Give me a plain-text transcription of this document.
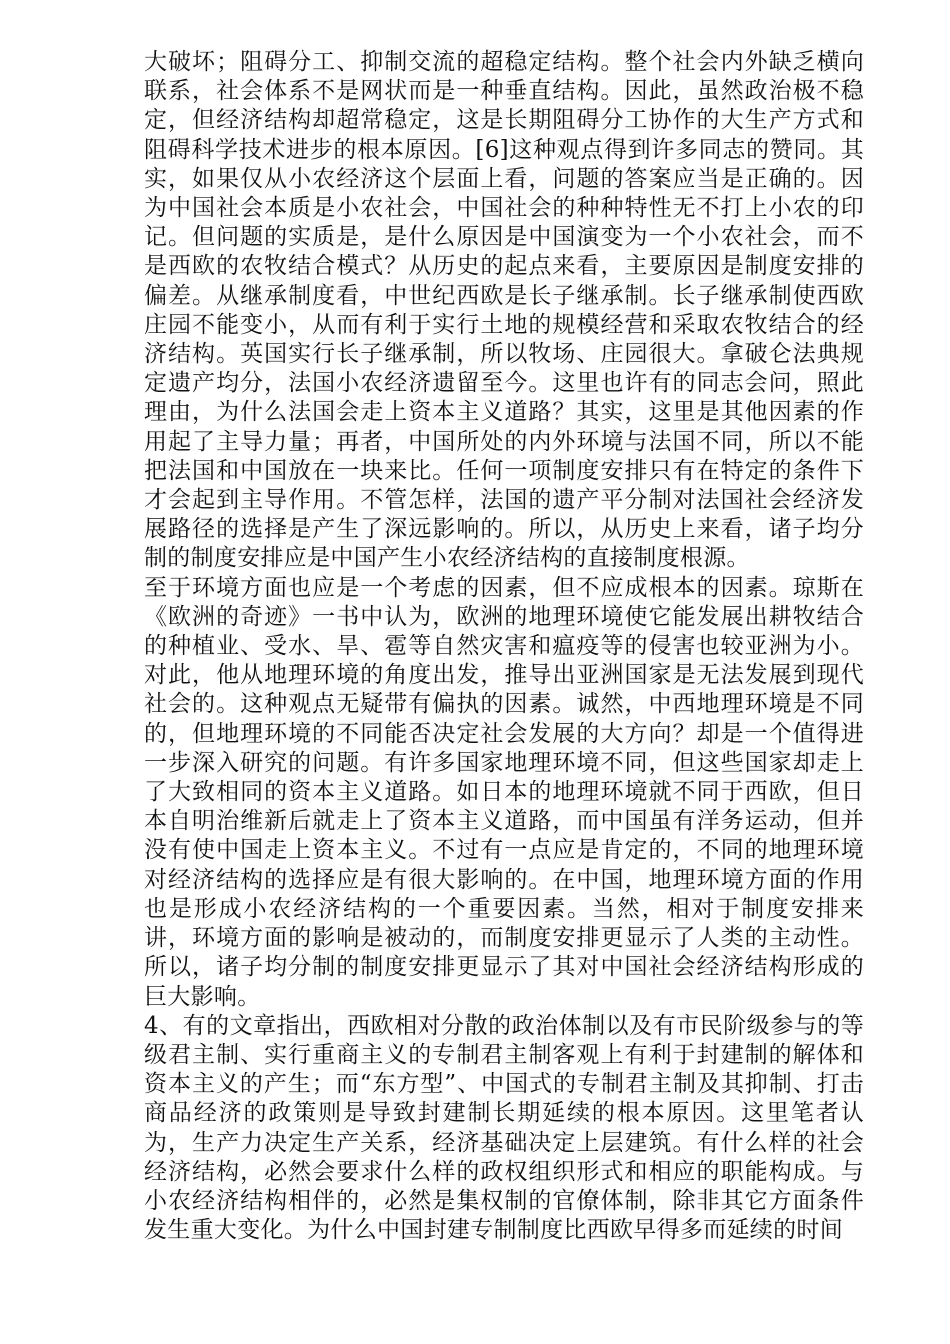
大破坏；阻碍分工、抑制交流的超稳定结构。整个社会内外缺乏横向联系，社会体系不是网状而是一种垂直结构。因此，虽然政治极不稳定，但经济结构却超常稳定，这是长期阻碍分工协作的大生产方式和阻碍科学技术进步的根本原因。[6]这种观点得到许多同志的赞同。其实，如果仅从小农经济这个层面上看，问题的答案应当是正确的。因为中国社会本质是小农社会，中国社会的种种特性无不打上小农的印记。但问题的实质是，是什么原因是中国演变为一个小农社会，而不是西欧的农牧结合模式？从历史的起点来看，主要原因是制度安排的偏差。从继承制度看，中世纪西欧是长子继承制。长子继承制使西欧庄园不能变小，从而有利于实行土地的规模经营和采取农牧结合的经济结构。英国实行长子继承制，所以牧场、庄园很大。拿破仑法典规定遗产均分，法国小农经济遗留至今。这里也许有的同志会问，照此理由，为什么法国会走上资本主义道路？其实，这里是其他因素的作用起了主导力量；再者，中国所处的内外环境与法国不同，所以不能把法国和中国放在一块来比。任何一项制度安排只有在特定的条件下才会起到主导作用。不管怎样，法国的遗产平分制对法国社会经济发展路径的选择是产生了深远影响的。所以，从历史上来看，诸子均分制的制度安排应是中国产生小农经济结构的直接制度根源。

至于环境方面也应是一个考虑的因素，但不应成根本的因素。琼斯在《欧洲的奇迹》一书中认为，欧洲的地理环境使它能发展出耕牧结合的种植业、受水、旱、雹等自然灾害和瘟疫等的侵害也较亚洲为小。对此，他从地理环境的角度出发，推导出亚洲国家是无法发展到现代社会的。这种观点无疑带有偏执的因素。诚然，中西地理环境是不同的，但地理环境的不同能否决定社会发展的大方向？却是一个值得进一步深入研究的问题。有许多国家地理环境不同，但这些国家却走上了大致相同的资本主义道路。如日本的地理环境就不同于西欧，但日本自明治维新后就走上了资本主义道路，而中国虽有洋务运动，但并没有使中国走上资本主义。不过有一点应是肯定的，不同的地理环境对经济结构的选择应是有很大影响的。在中国，地理环境方面的作用也是形成小农经济结构的一个重要因素。当然，相对于制度安排来讲，环境方面的影响是被动的，而制度安排更显示了人类的主动性。所以，诸子均分制的制度安排更显示了其对中国社会经济结构形成的巨大影响。

4、有的文章指出，西欧相对分散的政治体制以及有市民阶级参与的等级君主制、实行重商主义的专制君主制客观上有利于封建制的解体和资本主义的产生；而“东方型”、中国式的专制君主制及其抑制、打击商品经济的政策则是导致封建制长期延续的根本原因。这里笔者认为，生产力决定生产关系，经济基础决定上层建筑。有什么样的社会经济结构，必然会要求什么样的政权组织形式和相应的职能构成。与小农经济结构相伴的，必然是集权制的官僚体制，除非其它方面条件发生重大变化。为什么中国封建专制制度比西欧早得多而延续的时间
